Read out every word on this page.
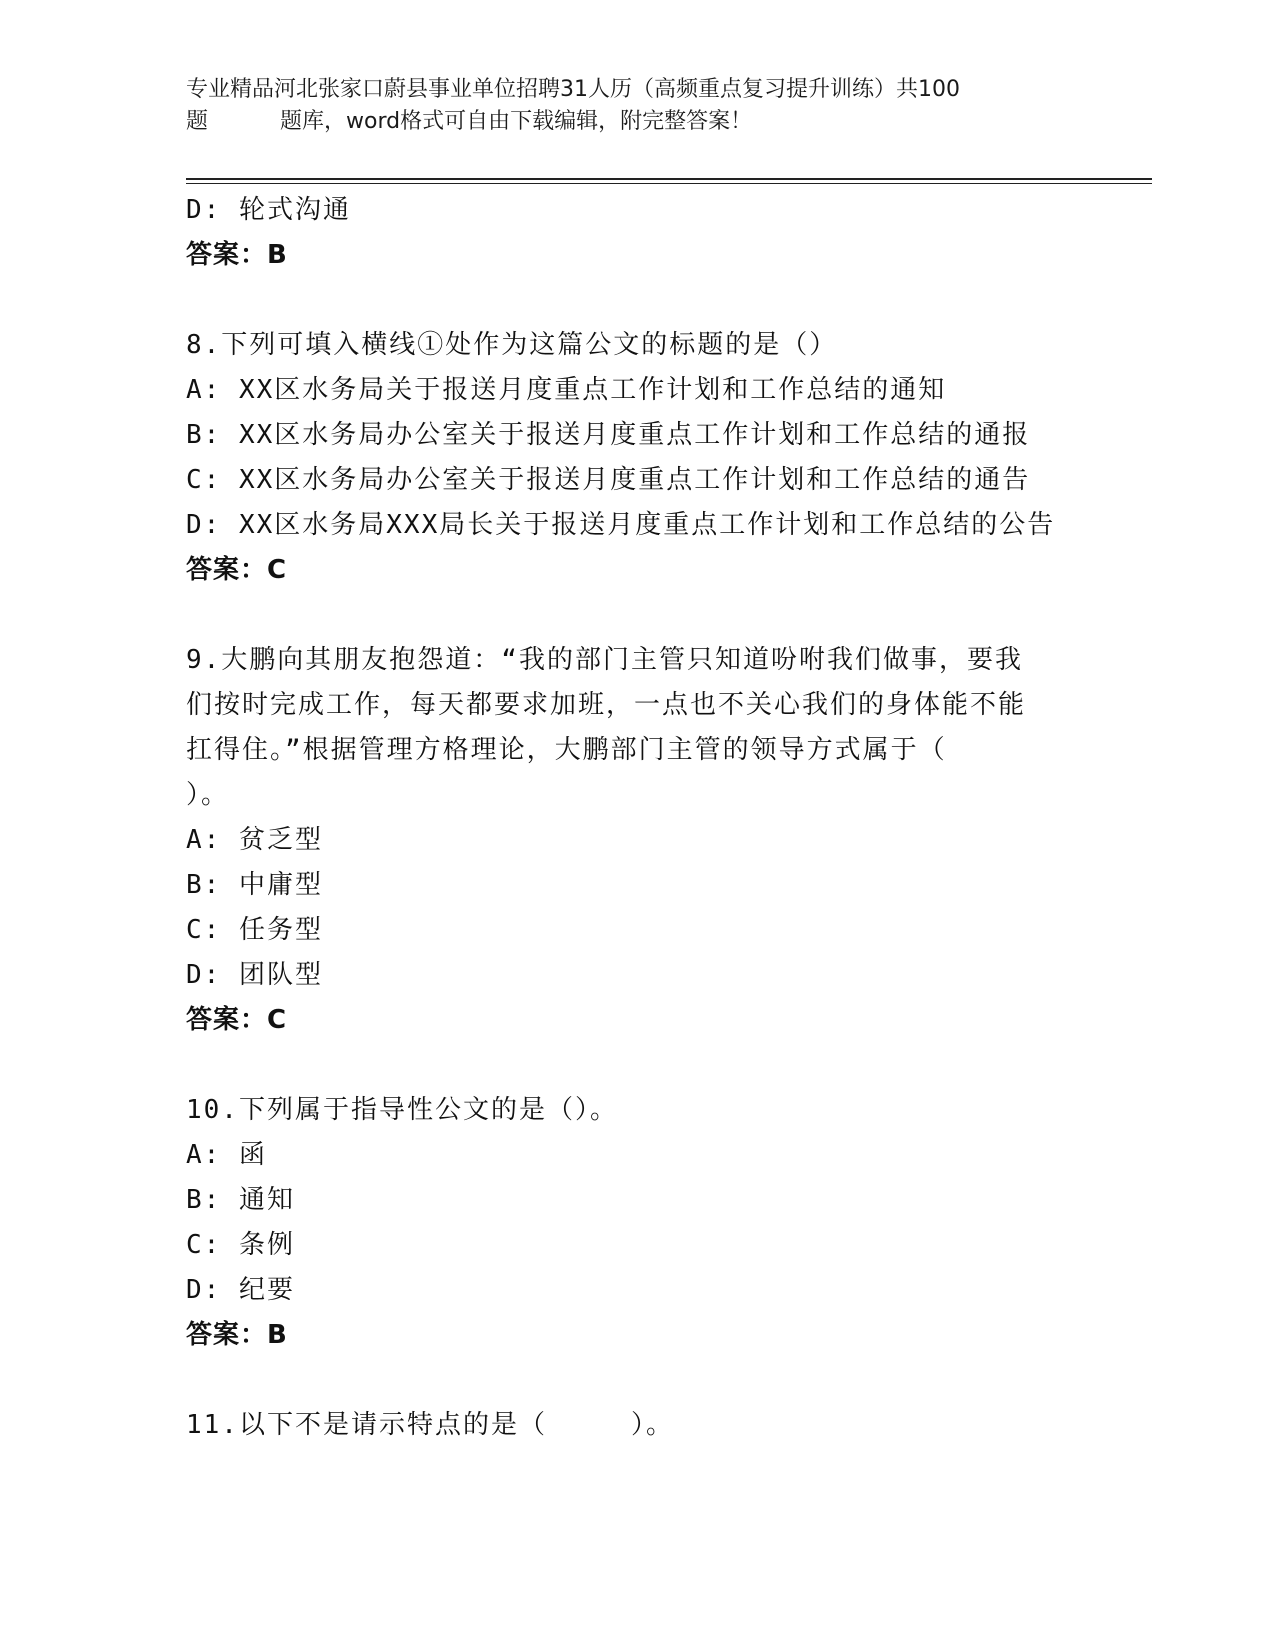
专业精品河北张家口蔚县事业单位招聘31人历（高频重点复习提升训练）共100
题	题库，word格式可自由下载编辑，附完整答案！
D: 轮式沟通
答案：B
8.下列可填入横线①处作为这篇公文的标题的是（）
A: XX区水务局关于报送月度重点工作计划和工作总结的通知
B: XX区水务局办公室关于报送月度重点工作计划和工作总结的通报
C: XX区水务局办公室关于报送月度重点工作计划和工作总结的通告
D: XX区水务局XXX局长关于报送月度重点工作计划和工作总结的公告
答案：C
9.大鹏向其朋友抱怨道：“我的部门主管只知道吩咐我们做事，要我
们按时完成工作，每天都要求加班，一点也不关心我们的身体能不能
扛得住。”根据管理方格理论，大鹏部门主管的领导方式属于（
）。
A: 贫乏型
B: 中庸型
C: 任务型
D: 团队型
答案：C
10.下列属于指导性公文的是（）。
A: 函
B: 通知
C: 条例
D: 纪要
答案：B
11.以下不是请示特点的是（　　　）。
